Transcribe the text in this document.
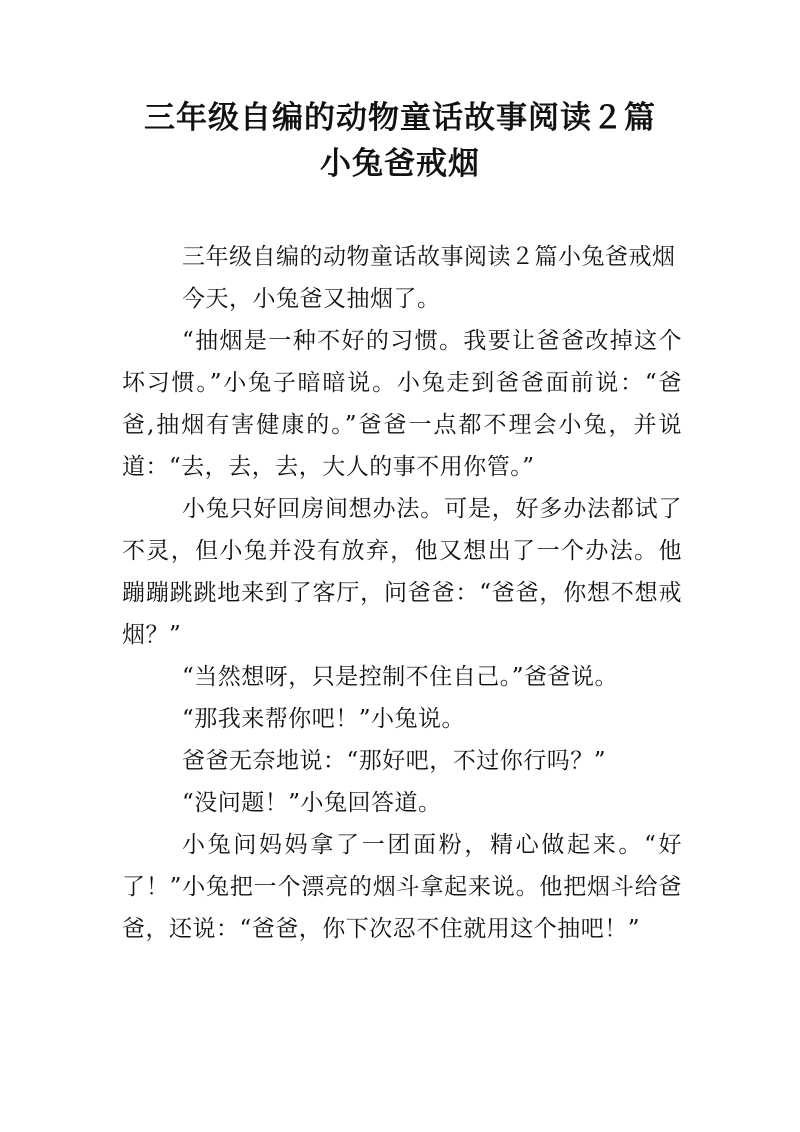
三年级自编的动物童话故事阅读２篇
小兔爸戒烟

三年级自编的动物童话故事阅读２篇小兔爸戒烟

今天，小兔爸又抽烟了。

“抽烟是一种不好的习惯。我要让爸爸改掉这个坏习惯。”小兔子暗暗说。小兔走到爸爸面前说：“爸爸,抽烟有害健康的。”爸爸一点都不理会小兔，并说道：“去，去，去，大人的事不用你管。”

小兔只好回房间想办法。可是，好多办法都试了不灵，但小兔并没有放弃，他又想出了一个办法。他蹦蹦跳跳地来到了客厅，问爸爸：“爸爸，你想不想戒烟？”

“当然想呀，只是控制不住自己。”爸爸说。

“那我来帮你吧！”小兔说。

爸爸无奈地说：“那好吧，不过你行吗？”

“没问题！”小兔回答道。

小兔问妈妈拿了一团面粉，精心做起来。“好了！”小兔把一个漂亮的烟斗拿起来说。他把烟斗给爸爸，还说：“爸爸，你下次忍不住就用这个抽吧！”
